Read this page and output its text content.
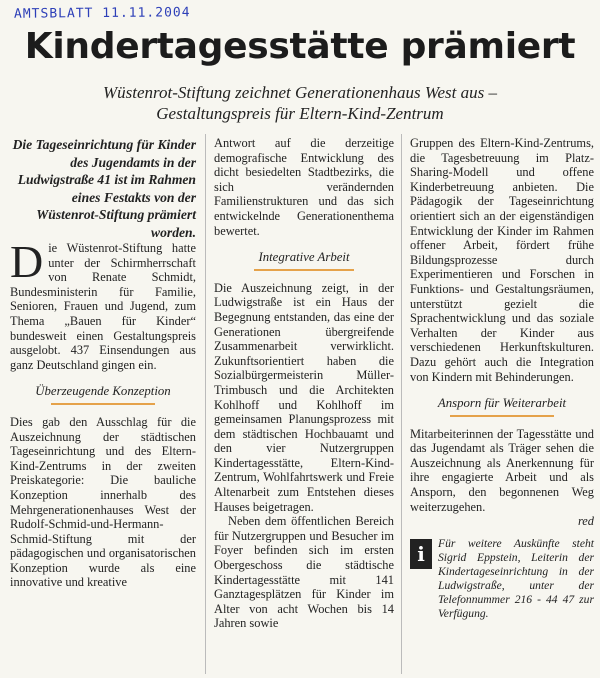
AMTSBLATT 11.11.2004
Kindertagesstätte prämiert
Wüstenrot-Stiftung zeichnet Generationenhaus West aus –
Gestaltungspreis für Eltern-Kind-Zentrum

Die Tageseinrichtung für Kinder des Jugendamts in der Ludwigstraße 41 ist im Rahmen eines Festakts von der Wüstenrot-Stiftung prämiert worden.

Die Wüstenrot-Stiftung hatte unter der Schirmherrschaft von Renate Schmidt, Bundesministerin für Familie, Senioren, Frauen und Jugend, zum Thema „Bauen für Kinder“ bundesweit einen Gestaltungspreis ausgelobt. 437 Einsendungen aus ganz Deutschland gingen ein.

Überzeugende Konzeption

Dies gab den Ausschlag für die Auszeichnung der städtischen Tageseinrichtung und des Eltern-Kind-Zentrums in der zweiten Preiskategorie: Die bauliche Konzeption innerhalb des Mehrgenerationenhauses West der Rudolf-Schmid-und-Hermann-Schmid-Stiftung mit der pädagogischen und organisatorischen Konzeption wurde als eine innovative und kreative

Antwort auf die derzeitige demografische Entwicklung des dicht besiedelten Stadtbezirks, die sich verändernden Familienstrukturen und das sich entwickelnde Generationenthema bewertet.

Integrative Arbeit

Die Auszeichnung zeigt, in der Ludwigstraße ist ein Haus der Begegnung entstanden, das eine der Generationen übergreifende Zusammenarbeit verwirklicht. Zukunftsorientiert haben die Sozialbürgermeisterin Müller-Trimbusch und die Architekten Kohlhoff und Kohlhoff im gemeinsamen Planungsprozess mit dem städtischen Hochbauamt und den vier Nutzergruppen Kindertagesstätte, Eltern-Kind-Zentrum, Wohlfahrtswerk und Freie Altenarbeit zum Entstehen dieses Hauses beigetragen.

Neben dem öffentlichen Bereich für Nutzergruppen und Besucher im Foyer befinden sich im ersten Obergeschoss die städtische Kindertagesstätte mit 141 Ganztagesplätzen für Kinder im Alter von acht Wochen bis 14 Jahren sowie

Gruppen des Eltern-Kind-Zentrums, die Tagesbetreuung im Platz-Sharing-Modell und offene Kinderbetreuung anbieten. Die Pädagogik der Tageseinrichtung orientiert sich an der eigenständigen Entwicklung der Kinder im Rahmen offener Arbeit, fördert frühe Bildungsprozesse durch Experimentieren und Forschen in Funktions- und Gestaltungsräumen, unterstützt gezielt die Sprachentwicklung und das soziale Verhalten der Kinder aus verschiedenen Herkunftskulturen. Dazu gehört auch die Integration von Kindern mit Behinderungen.

Ansporn für Weiterarbeit

Mitarbeiterinnen der Tagesstätte und das Jugendamt als Träger sehen die Auszeichnung als Anerkennung für ihre engagierte Arbeit und als Ansporn, den begonnenen Weg weiterzugehen.

red
i	Für weitere Auskünfte steht Sigrid Eppstein, Leiterin der Kindertageseinrichtung in der Ludwigstraße, unter der Telefonnummer 216 - 44 47 zur Verfügung.
